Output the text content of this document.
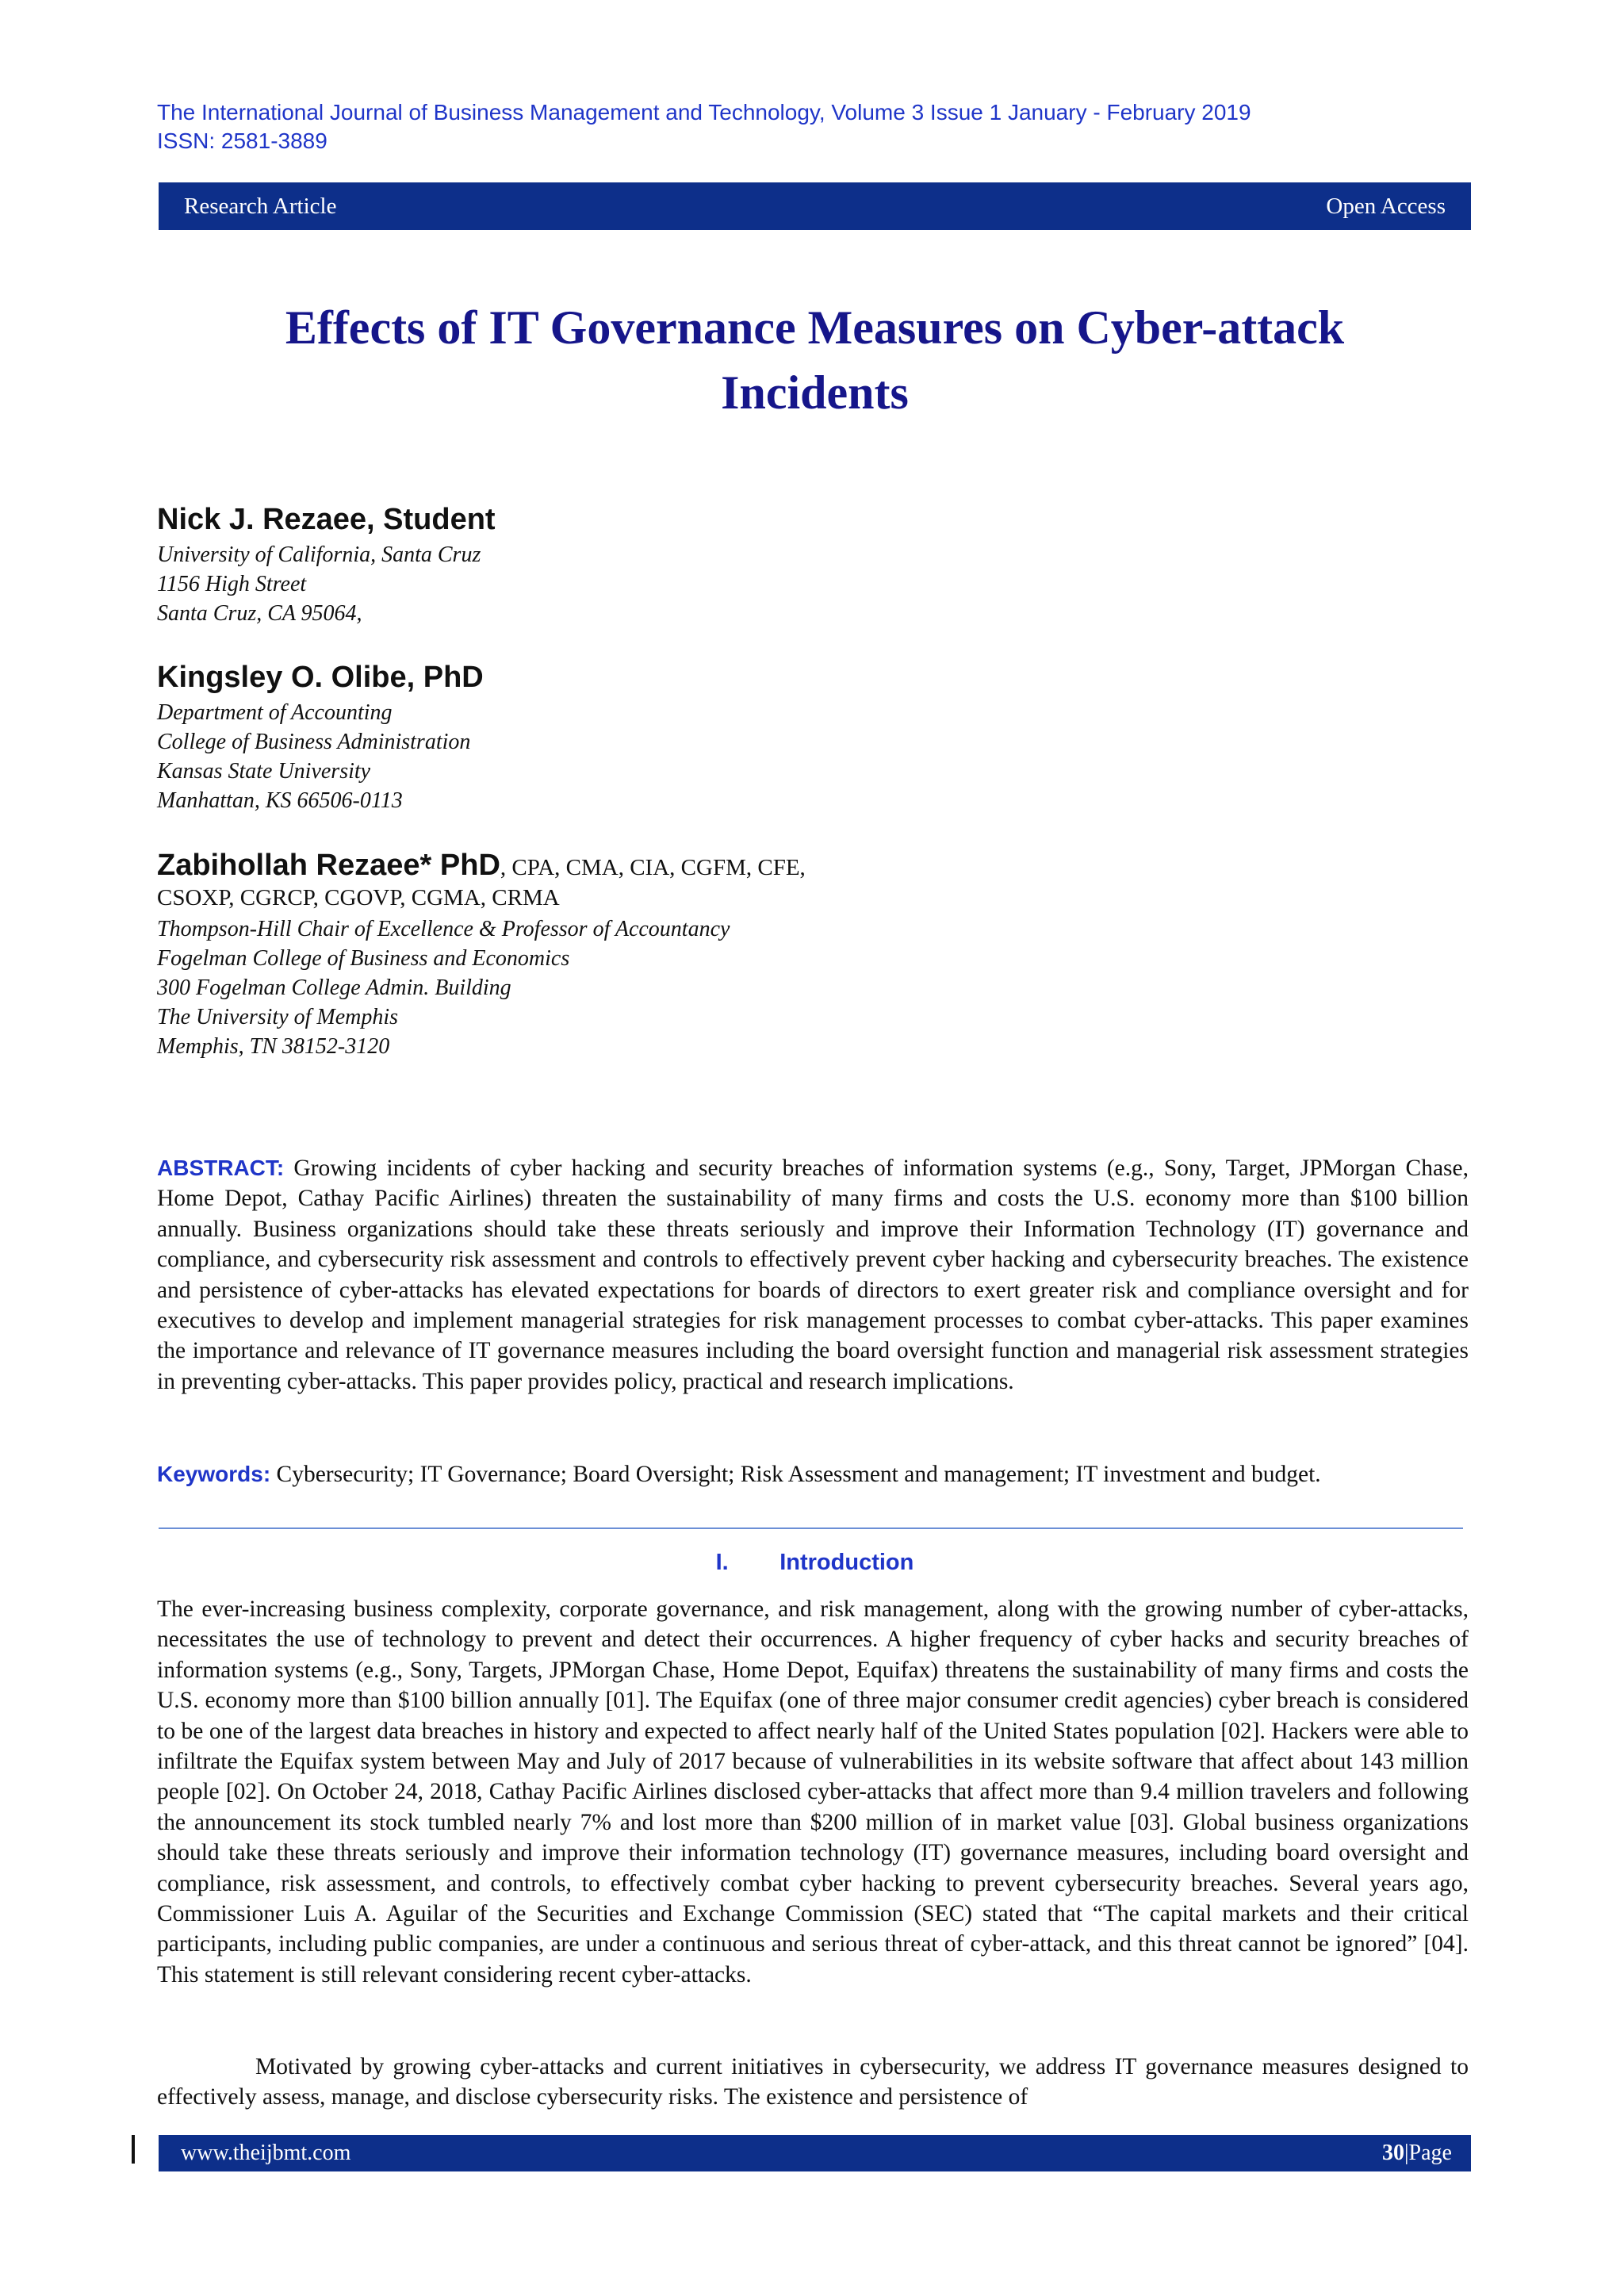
The International Journal of Business Management and Technology, Volume 3 Issue 1 January - February 2019
ISSN: 2581-3889
Research Article	Open Access
Effects of IT Governance Measures on Cyber-attack
Incidents
Nick J. Rezaee, Student
University of California, Santa Cruz
1156 High Street
Santa Cruz, CA 95064,
Kingsley O. Olibe, PhD
Department of Accounting
College of Business Administration
Kansas State University
Manhattan, KS 66506-0113
Zabihollah Rezaee* PhD, CPA, CMA, CIA, CGFM, CFE,
CSOXP, CGRCP, CGOVP, CGMA, CRMA
Thompson-Hill Chair of Excellence & Professor of Accountancy
Fogelman College of Business and Economics
300 Fogelman College Admin. Building
The University of Memphis
Memphis, TN 38152-3120
ABSTRACT: Growing incidents of cyber hacking and security breaches of information systems (e.g., Sony, Target, JPMorgan Chase, Home Depot, Cathay Pacific Airlines) threaten the sustainability of many firms and costs the U.S. economy more than $100 billion annually. Business organizations should take these threats seriously and improve their Information Technology (IT) governance and compliance, and cybersecurity risk assessment and controls to effectively prevent cyber hacking and cybersecurity breaches. The existence and persistence of cyber-attacks has elevated expectations for boards of directors to exert greater risk and compliance oversight and for executives to develop and implement managerial strategies for risk management processes to combat cyber-attacks. This paper examines the importance and relevance of IT governance measures including the board oversight function and managerial risk assessment strategies in preventing cyber-attacks. This paper provides policy, practical and research implications.
Keywords: Cybersecurity; IT Governance; Board Oversight; Risk Assessment and management; IT investment and budget.
I. Introduction
The ever-increasing business complexity, corporate governance, and risk management, along with the growing number of cyber-attacks, necessitates the use of technology to prevent and detect their occurrences. A higher frequency of cyber hacks and security breaches of information systems (e.g., Sony, Targets, JPMorgan Chase, Home Depot, Equifax) threatens the sustainability of many firms and costs the U.S. economy more than $100 billion annually [01]. The Equifax (one of three major consumer credit agencies) cyber breach is considered to be one of the largest data breaches in history and expected to affect nearly half of the United States population [02]. Hackers were able to infiltrate the Equifax system between May and July of 2017 because of vulnerabilities in its website software that affect about 143 million people [02]. On October 24, 2018, Cathay Pacific Airlines disclosed cyber-attacks that affect more than 9.4 million travelers and following the announcement its stock tumbled nearly 7% and lost more than $200 million of in market value [03]. Global business organizations should take these threats seriously and improve their information technology (IT) governance measures, including board oversight and compliance, risk assessment, and controls, to effectively combat cyber hacking to prevent cybersecurity breaches. Several years ago, Commissioner Luis A. Aguilar of the Securities and Exchange Commission (SEC) stated that “The capital markets and their critical participants, including public companies, are under a continuous and serious threat of cyber-attack, and this threat cannot be ignored” [04]. This statement is still relevant considering recent cyber-attacks.
Motivated by growing cyber-attacks and current initiatives in cybersecurity, we address IT governance measures designed to effectively assess, manage, and disclose cybersecurity risks. The existence and persistence of
www.theijbmt.com	30|Page
